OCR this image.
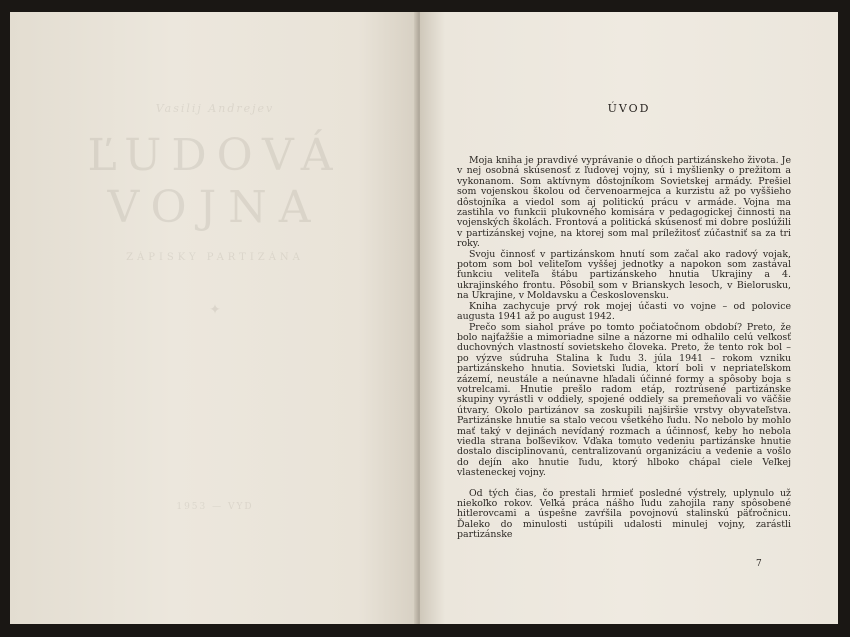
Vasilij Andrejev
ĽUDOVÁ
VOJNA
ZÁPISKY PARTIZÁNA
✦
1953 — VYD
ÚVOD

Moja kniha je pravdivé vyprávanie o dňoch partizánskeho života. Je v nej osobná skúsenosť z ľudovej vojny, sú i myšlienky o prežitom a vykonanom. Som aktívnym dôstojníkom Sovietskej armády. Prešiel som vojenskou školou od červenoarmejca a kurzistu až po vyššieho dôstojníka a viedol som aj politickú prácu v armáde. Vojna ma zastihla vo funkcii plukovného komisára v pedagogickej činnosti na vojenských školách. Frontová a politická skúsenosť mi dobre poslúžili v partizánskej vojne, na ktorej som mal príležitosť zúčastniť sa za tri roky.

Svoju činnosť v partizánskom hnutí som začal ako radový vojak, potom som bol veliteľom vyššej jednotky a napokon som zastával funkciu veliteľa štábu partizánskeho hnutia Ukrajiny a 4. ukrajinského frontu. Pôsobil som v Brianskych lesoch, v Bielorusku, na Ukrajine, v Moldavsku a Československu.

Kniha zachycuje prvý rok mojej účasti vo vojne – od polovice augusta 1941 až po august 1942.

Prečo som siahol práve po tomto počiatočnom období? Preto, že bolo najťažšie a mimoriadne silne a názorne mi odhalilo celú veľkosť duchovných vlastností sovietskeho človeka. Preto, že tento rok bol – po výzve súdruha Stalina k ľudu 3. júla 1941 – rokom vzniku partizánskeho hnutia. Sovietski ľudia, ktorí boli v nepriateľskom zázemí, neustále a neúnavne hľadali účinné formy a spôsoby boja s votrelcami. Hnutie prešlo radom etáp, roztrúsené partizánske skupiny vyrástli v oddiely, spojené oddiely sa premeňovali vo väčšie útvary. Okolo partizánov sa zoskupili najširšie vrstvy obyvateľstva. Partizánske hnutie sa stalo vecou všetkého ľudu. No nebolo by mohlo mať taký v dejinách nevídaný rozmach a účinnosť, keby ho nebola viedla strana boľševikov. Vďaka tomuto vedeniu partizánske hnutie dostalo disciplinovanú, centralizovanú organizáciu a vedenie a vošlo do dejín ako hnutie ľudu, ktorý hlboko chápal ciele Veľkej vlasteneckej vojny.

Od tých čias, čo prestali hrmieť posledné výstrely, uplynulo už niekoľko rokov. Veľká práca nášho ľudu zahojila rany spôsobené hitlerovcami a úspešne zavŕšila povojnovú stalinskú päťročnicu. Ďaleko do minulosti ustúpili udalosti minulej vojny, zarástli partizánske

7
